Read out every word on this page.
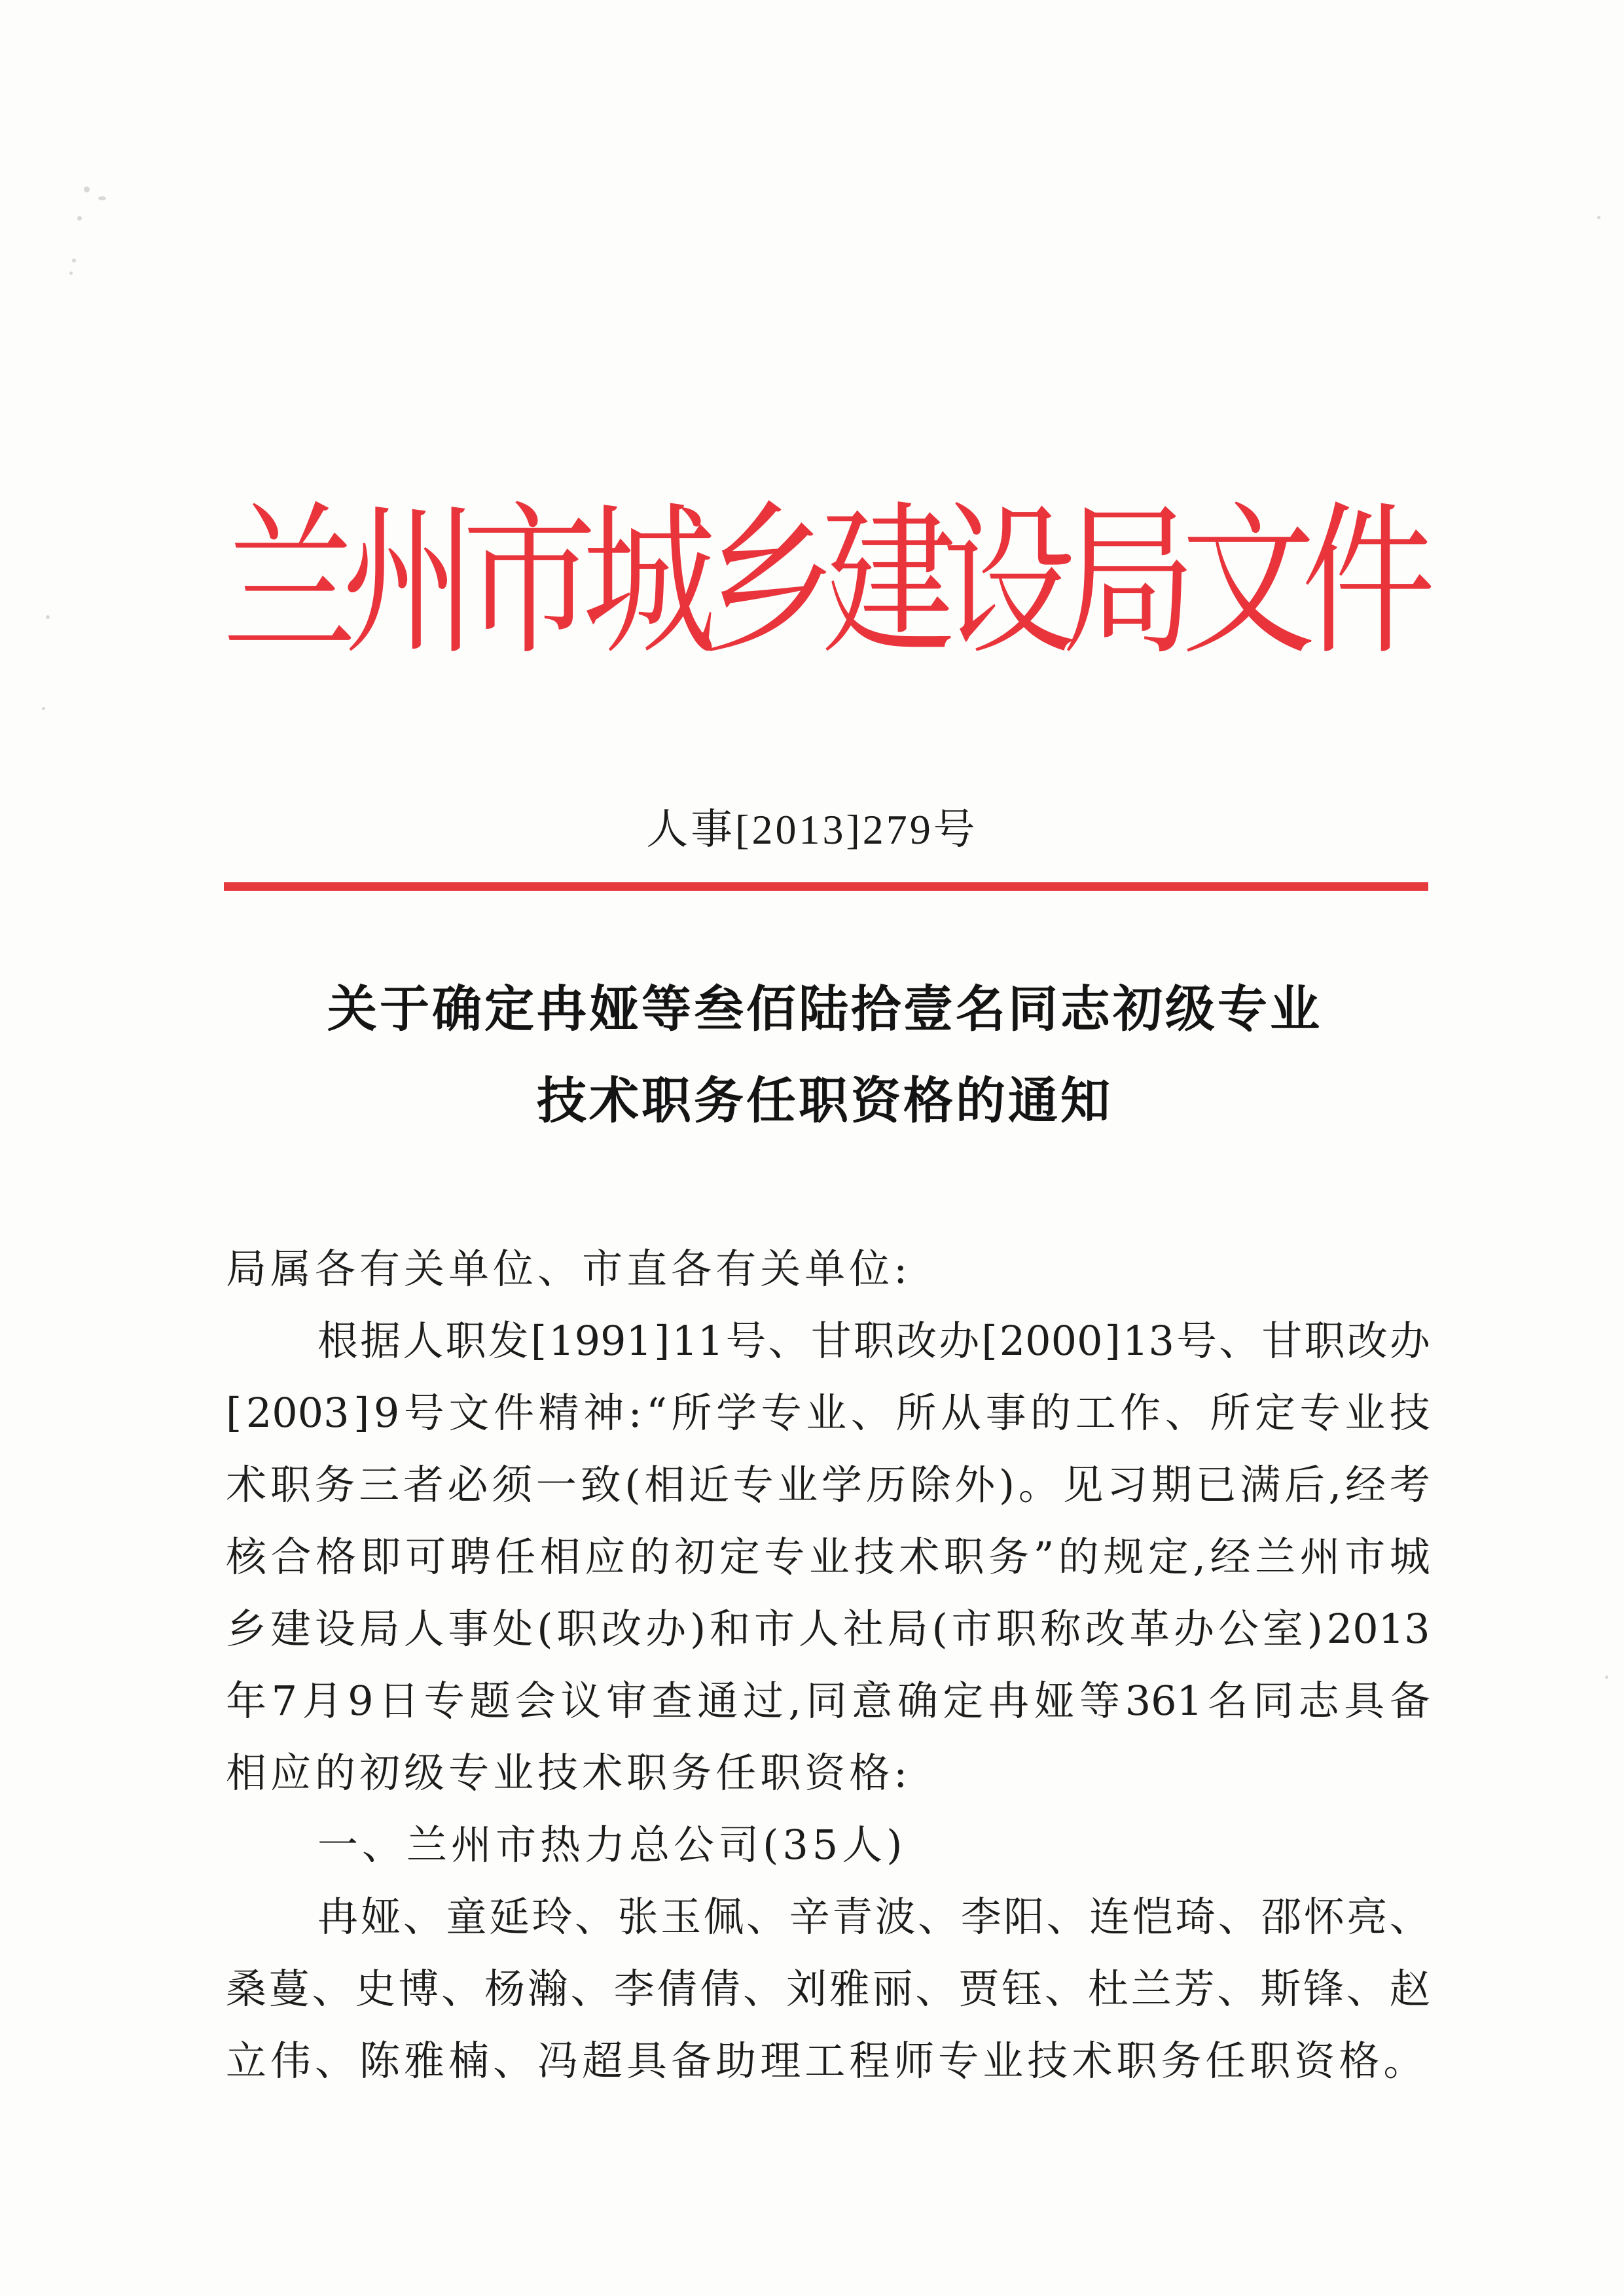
兰
州
市
城
乡
建
设
局
文
件
人事[2013]279号
关于确定冉娅等叁佰陆拾壹名同志初级专业
技术职务任职资格的通知
局 属 各 有 关 单 位 、 市 直 各 有 关 单 位 :
根 据 人 职 发 [ 1991 ] 11 号 、 甘 职 改 办 [ 2000 ] 13 号 、 甘 职 改 办
[ 2003 ] 9 号 文 件 精 神 : “ 所 学 专 业 、 所 从 事 的 工 作 、 所 定 专 业 技
术 职 务 三 者 必 须 一 致 ( 相 近 专 业 学 历 除 外 ) 。 见 习 期 已 满 后 , 经 考
核 合 格 即 可 聘 任 相 应 的 初 定 专 业 技 术 职 务 ” 的 规 定 , 经 兰 州 市 城
乡 建 设 局 人 事 处 ( 职 改 办 ) 和 市 人 社 局 ( 市 职 称 改 革 办 公 室 ) 2013
年 7 月 9 日 专 题 会 议 审 查 通 过 , 同 意 确 定 冉 娅 等 361 名 同 志 具 备
相 应 的 初 级 专 业 技 术 职 务 任 职 资 格 :
一 、 兰 州 市 热 力 总 公 司 ( 35 人 )
冉 娅 、 童 延 玲 、 张 玉 佩 、 辛 青 波 、 李 阳 、 连 恺 琦 、 邵 怀 亮 、
桑 蔓 、 史 博 、 杨 瀚 、 李 倩 倩 、 刘 雅 丽 、 贾 钰 、 杜 兰 芳 、 斯 锋 、 赵
立 伟 、 陈 雅 楠 、 冯 超 具 备 助 理 工 程 师 专 业 技 术 职 务 任 职 资 格 。
